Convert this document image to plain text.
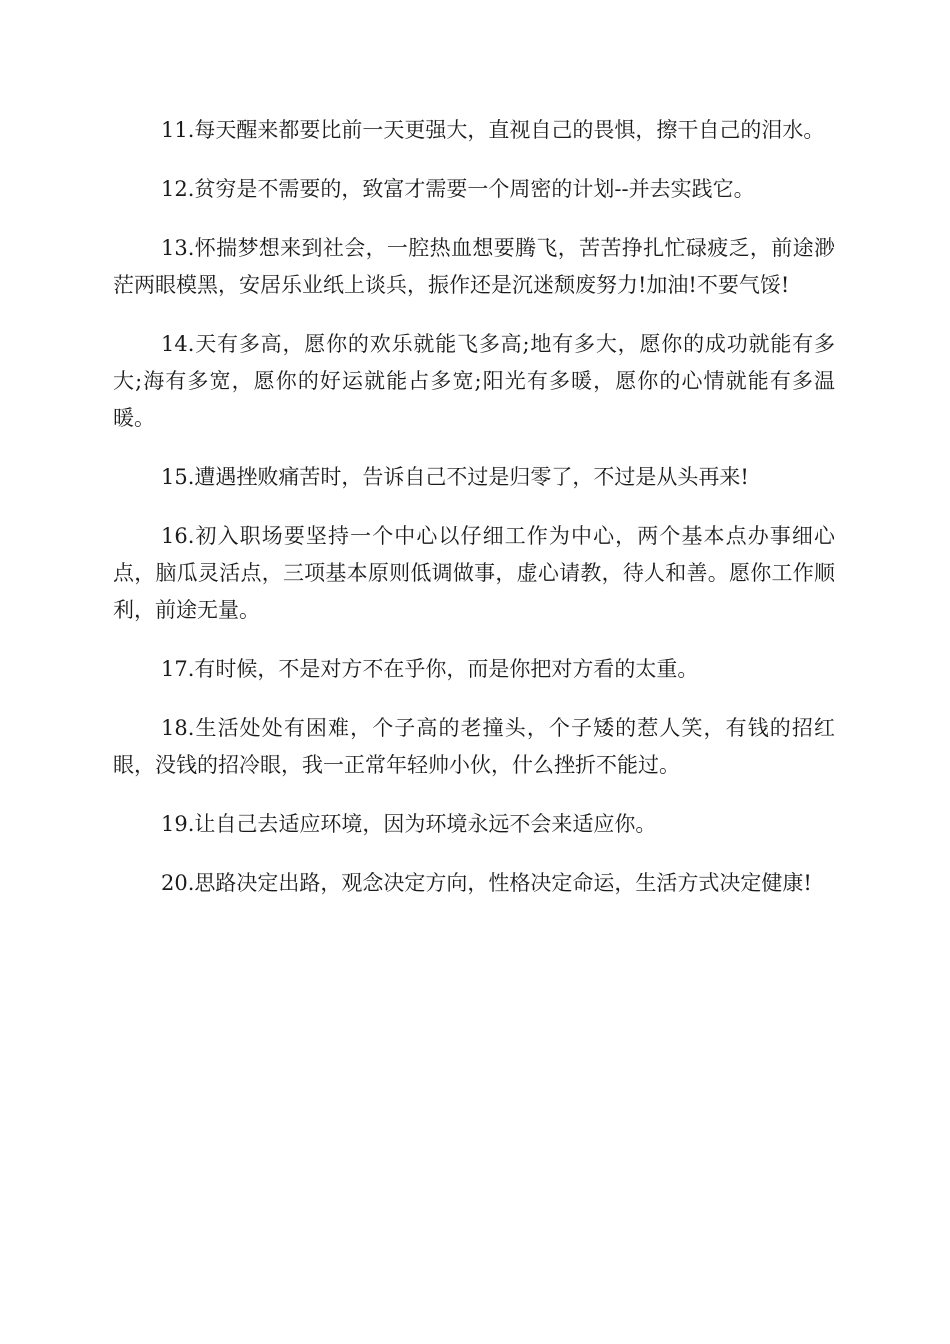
11.每天醒来都要比前一天更强大，直视自己的畏惧，擦干自己的泪水。

12.贫穷是不需要的，致富才需要一个周密的计划--并去实践它。

13.怀揣梦想来到社会，一腔热血想要腾飞，苦苦挣扎忙碌疲乏，前途渺茫两眼模黑，安居乐业纸上谈兵，振作还是沉迷颓废努力!加油!不要气馁!

14.天有多高，愿你的欢乐就能飞多高;地有多大，愿你的成功就能有多大;海有多宽，愿你的好运就能占多宽;阳光有多暖，愿你的心情就能有多温暖。

15.遭遇挫败痛苦时，告诉自己不过是归零了，不过是从头再来!

16.初入职场要坚持一个中心以仔细工作为中心，两个基本点办事细心点，脑瓜灵活点，三项基本原则低调做事，虚心请教，待人和善。愿你工作顺利，前途无量。

17.有时候，不是对方不在乎你，而是你把对方看的太重。

18.生活处处有困难，个子高的老撞头，个子矮的惹人笑，有钱的招红眼，没钱的招冷眼，我一正常年轻帅小伙，什么挫折不能过。

19.让自己去适应环境，因为环境永远不会来适应你。

20.思路决定出路，观念决定方向，性格决定命运，生活方式决定健康!
